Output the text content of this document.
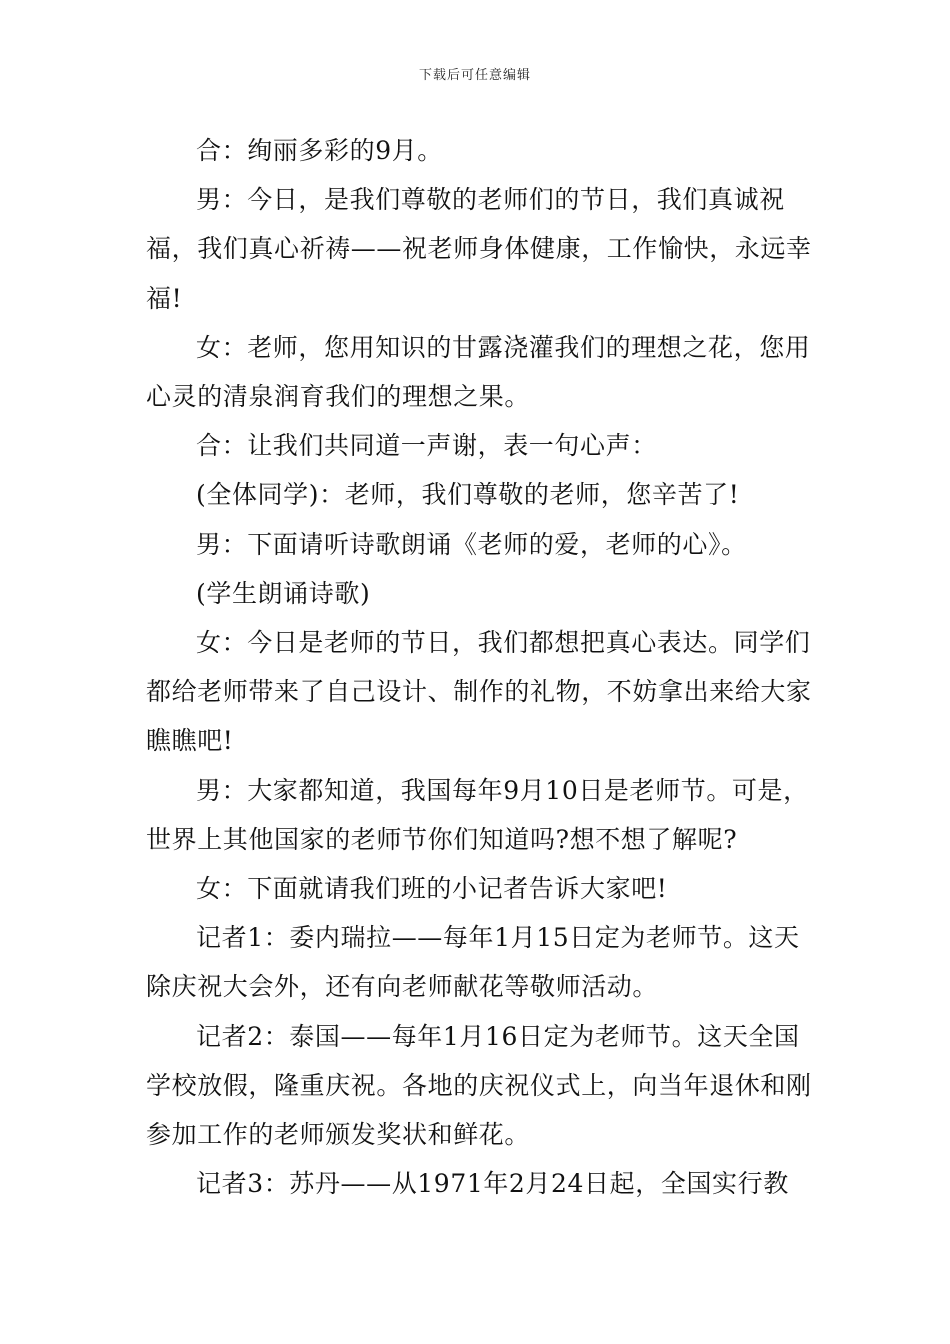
下载后可任意编辑

合：绚丽多彩的9月。

男：今日，是我们尊敬的老师们的节日，我们真诚祝福，我们真心祈祷——祝老师身体健康，工作愉快，永远幸福!

女：老师，您用知识的甘露浇灌我们的理想之花，您用心灵的清泉润育我们的理想之果。

合：让我们共同道一声谢，表一句心声：

(全体同学)：老师，我们尊敬的老师，您辛苦了!

男：下面请听诗歌朗诵《老师的爱，老师的心》。

(学生朗诵诗歌)

女：今日是老师的节日，我们都想把真心表达。同学们都给老师带来了自己设计、制作的礼物，不妨拿出来给大家瞧瞧吧!

男：大家都知道，我国每年9月10日是老师节。可是，世界上其他国家的老师节你们知道吗?想不想了解呢?

女：下面就请我们班的小记者告诉大家吧!

记者1：委内瑞拉——每年1月15日定为老师节。这天除庆祝大会外，还有向老师献花等敬师活动。

记者2：泰国——每年1月16日定为老师节。这天全国学校放假，隆重庆祝。各地的庆祝仪式上，向当年退休和刚参加工作的老师颁发奖状和鲜花。

记者3：苏丹——从1971年2月24日起，全国实行教
